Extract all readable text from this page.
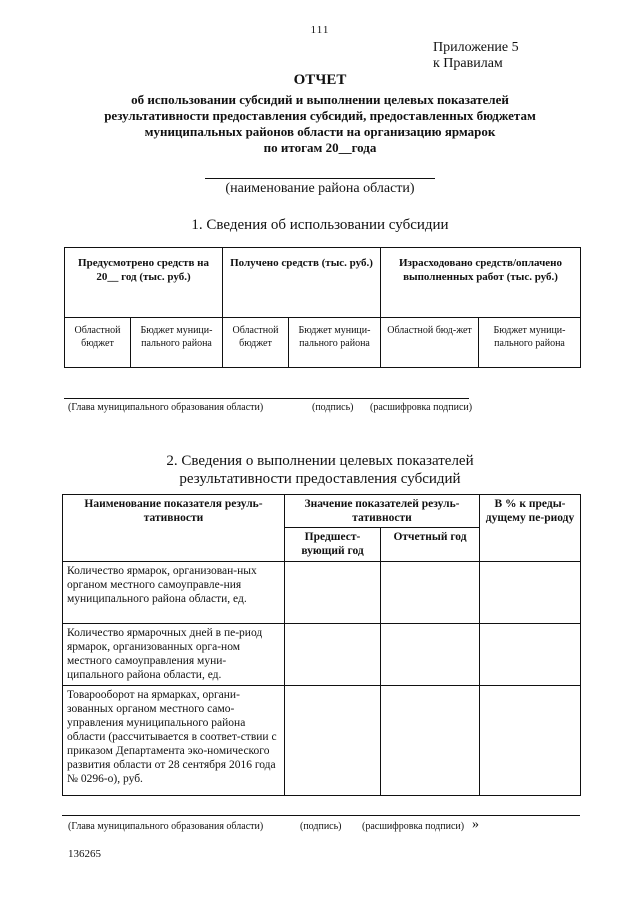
111
Приложение 5
к Правилам
ОТЧЕТ
об использовании субсидий и выполнении целевых показателей
результативности предоставления субсидий, предоставленных бюджетам
муниципальных районов области на организацию ярмарок
по итогам 20__года
(наименование района области)
1. Сведения об использовании субсидии
Предусмотрено средств на 20__ год (тыс. руб.)		Получено средств (тыс. руб.)		Израсходовано средств/оплачено выполненных работ (тыс. руб.)	
Областной бюджет	Бюджет муници-пального района	Областной бюджет	Бюджет муници-пального района	Областной бюд-жет	Бюджет муници-пального района
(Глава муниципального образования области)	(подпись) (расшифровка подписи)
2. Сведения о выполнении целевых показателей
результативности предоставления субсидий
Наименование показателя резуль-тативности	Значение показателей резуль-тативности		В % к преды-дущему пе-риоду
	Предшест-вующий год	Отчетный год	
Количество ярмарок, организован-ных органом местного самоуправле-ния муниципального района области, ед.			
Количество ярмарочных дней в пе-риод ярмарок, организованных орга-ном местного самоуправления муни-ципального района области, ед.			
Товарооборот на ярмарках, органи-зованных органом местного само-управления муниципального района области (рассчитывается в соответ-ствии с приказом Департамента эко-номического развития области от 28 сентября 2016 года № 0296-о), руб.			
(Глава муниципального образования области)	(подпись) (расшифровка подписи) »
136265
